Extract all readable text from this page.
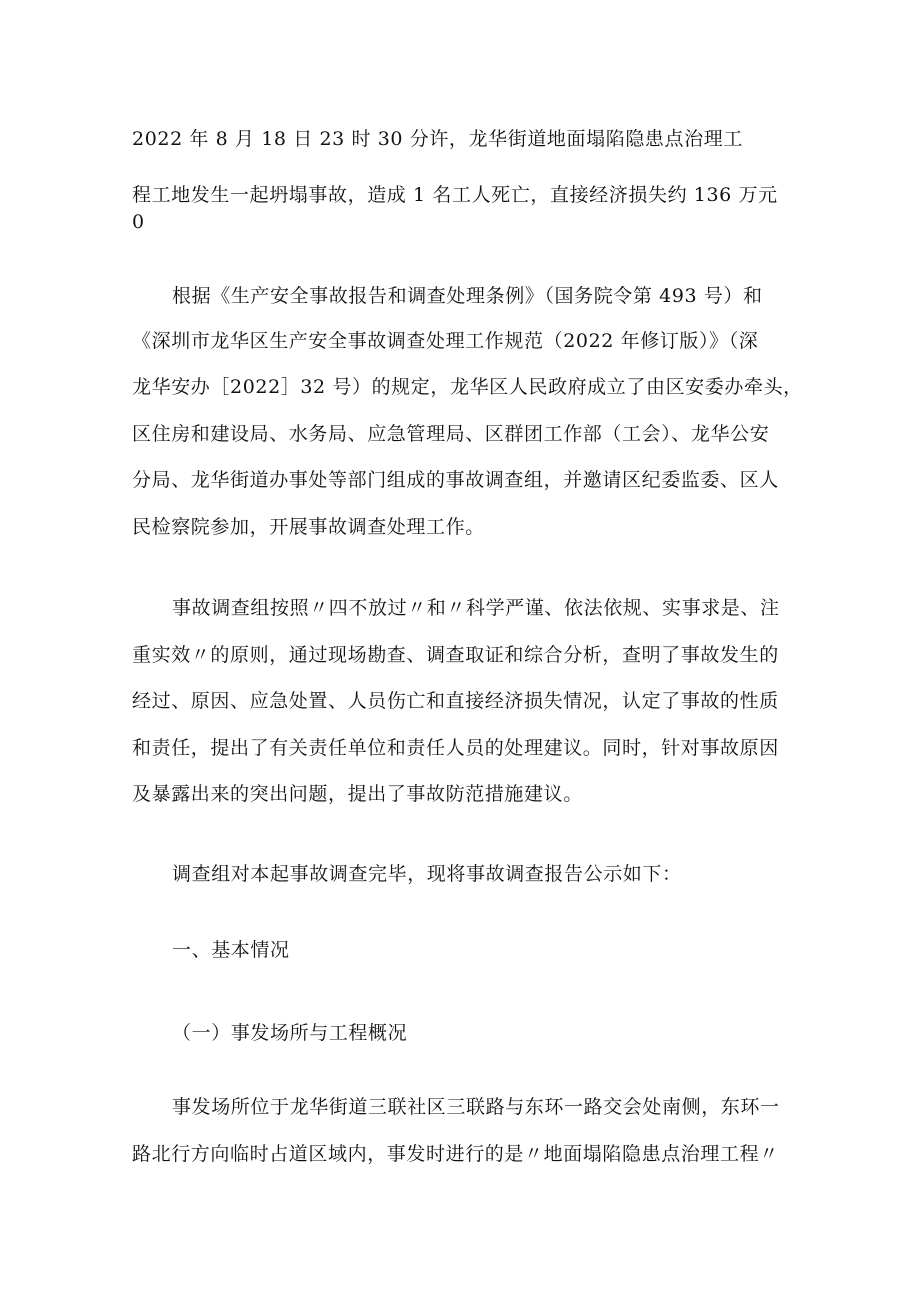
2022 年 8 月 18 日 23 时 30 分许，龙华街道地面塌陷隐患点治理工
程工地发生一起坍塌事故，造成 1 名工人死亡，直接经济损失约 136 万元
0
根据《生产安全事故报告和调查处理条例》（国务院令第 493 号）和
《深圳市龙华区生产安全事故调查处理工作规范（2022 年修订版）》（深
龙华安办［2022］32 号）的规定，龙华区人民政府成立了由区安委办牵头，
区住房和建设局、水务局、应急管理局、区群团工作部（工会）、龙华公安
分局、龙华街道办事处等部门组成的事故调查组，并邀请区纪委监委、区人
民检察院参加，开展事故调查处理工作。
事故调查组按照〃四不放过〃和〃科学严谨、依法依规、实事求是、注
重实效〃的原则，通过现场勘查、调查取证和综合分析，查明了事故发生的
经过、原因、应急处置、人员伤亡和直接经济损失情况，认定了事故的性质
和责任，提出了有关责任单位和责任人员的处理建议。同时，针对事故原因
及暴露出来的突出问题，提出了事故防范措施建议。
调查组对本起事故调查完毕，现将事故调查报告公示如下：
一、基本情况
（一）事发场所与工程概况
事发场所位于龙华街道三联社区三联路与东环一路交会处南侧，东环一
路北行方向临时占道区域内，事发时进行的是〃地面塌陷隐患点治理工程〃
